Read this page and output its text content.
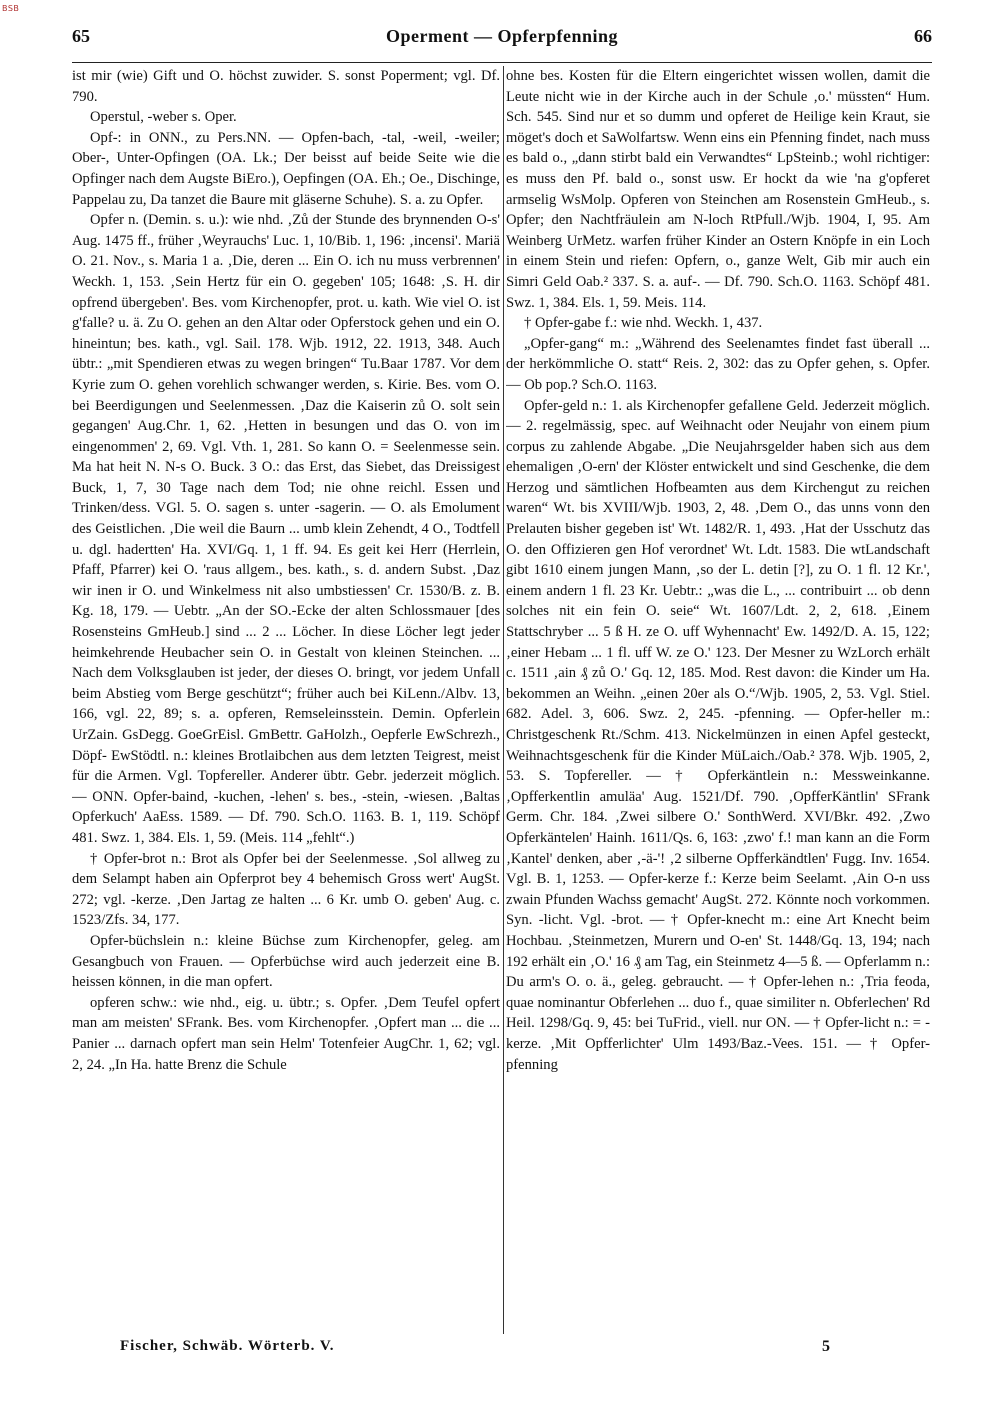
BSB
65	Operment — Opferpfenning	66

ist mir (wie) Gift und O. höchst zuwider. S. sonst Poperment; vgl. Df. 790.

Operstul, -weber s. Oper.

Opf-: in ONN., zu Pers.NN. — Opfen-bach, -tal, -weil, -weiler; Ober-, Unter-Opfingen (OA. Lk.; Der beisst auf beide Seite wie die Opfinger nach dem Augste BiEro.), Oepfingen (OA. Eh.; Oe., Dischinge, Pappelau zu, Da tanzet die Baure mit gläserne Schuhe). S. a. zu Opfer.

Opfer n. (Demin. s. u.): wie nhd. ‚Zů der Stunde des brynnenden O-s' Aug. 1475 ff., früher ‚Weyrauchs' Luc. 1, 10/Bib. 1, 196: ‚incensi'. Mariä O. 21. Nov., s. Maria 1 a. ‚Die, deren ... Ein O. ich nu muss verbrennen' Weckh. 1, 153. ‚Sein Hertz für ein O. gegeben' 105; 1648: ‚S. H. dir opfrend übergeben'. Bes. vom Kirchenopfer, prot. u. kath. Wie viel O. ist g'falle? u. ä. Zu O. gehen an den Altar oder Opferstock gehen und ein O. hineintun; bes. kath., vgl. Sail. 178. Wjb. 1912, 22. 1913, 348. Auch übtr.: „mit Spendieren etwas zu wegen bringen“ Tu.Baar 1787. Vor dem Kyrie zum O. gehen vorehlich schwanger werden, s. Kirie. Bes. vom O. bei Beerdigungen und Seelenmessen. ‚Daz die Kaiserin zů O. solt sein gegangen' Aug.Chr. 1, 62. ‚Hetten in besungen und das O. von im eingenommen' 2, 69. Vgl. Vth. 1, 281. So kann O. = Seelenmesse sein. Ma hat heit N. N-s O. Buck. 3 O.: das Erst, das Siebet, das Dreissigest Buck, 1, 7, 30 Tage nach dem Tod; nie ohne reichl. Essen und Trinken/dess. VGl. 5. O. sagen s. unter -sagerin. — O. als Emolument des Geistlichen. ‚Die weil die Baurn ... umb klein Zehendt, 4 O., Todtfell u. dgl. hadertten' Ha. XVI/Gq. 1, 1 ff. 94. Es geit kei Herr (Herrlein, Pfaff, Pfarrer) kei O. 'raus allgem., bes. kath., s. d. andern Subst. ‚Daz wir inen ir O. und Winkelmess nit also umbstiessen' Cr. 1530/B. z. B. Kg. 18, 179. — Uebtr. „An der SO.-Ecke der alten Schlossmauer [des Rosensteins GmHeub.] sind ... 2 ... Löcher. In diese Löcher legt jeder heimkehrende Heubacher sein O. in Gestalt von kleinen Steinchen. ... Nach dem Volksglauben ist jeder, der dieses O. bringt, vor jedem Unfall beim Abstieg vom Berge geschützt“; früher auch bei KiLenn./Albv. 13, 166, vgl. 22, 89; s. a. opferen, Remseleinsstein. Demin. Opferlein UrZain. GsDegg. GoeGrEisl. GmBettr. GaHolzh., Oepferle EwSchrezh., Döpf- EwStödtl. n.: kleines Brotlaibchen aus dem letzten Teigrest, meist für die Armen. Vgl. Topfereller. Anderer übtr. Gebr. jederzeit möglich. — ONN. Opfer-baind, -kuchen, -lehen' s. bes., -stein, -wiesen. ‚Baltas Opferkuch' AaEss. 1589. — Df. 790. Sch.O. 1163. B. 1, 119. Schöpf 481. Swz. 1, 384. Els. 1, 59. (Meis. 114 „fehlt“.)

† Opfer-brot n.: Brot als Opfer bei der Seelenmesse. ‚Sol allweg zu dem Selampt haben ain Opferprot bey 4 behemisch Gross wert' AugSt. 272; vgl. -kerze. ‚Den Jartag ze halten ... 6 Kr. umb O. geben' Aug. c. 1523/Zfs. 34, 177.

Opfer-büchslein n.: kleine Büchse zum Kirchenopfer, geleg. am Gesangbuch von Frauen. — Opferbüchse wird auch jederzeit eine B. heissen können, in die man opfert.

opferen schw.: wie nhd., eig. u. übtr.; s. Opfer. ‚Dem Teufel opfert man am meisten' SFrank. Bes. vom Kirchenopfer. ‚Opfert man ... die ... Panier ... darnach opfert man sein Helm' Totenfeier AugChr. 1, 62; vgl. 2, 24. „In Ha. hatte Brenz die Schule

ohne bes. Kosten für die Eltern eingerichtet wissen wollen, damit die Leute nicht wie in der Kirche auch in der Schule ‚o.' müssten“ Hum. Sch. 545. Sind nur et so dumm und opferet de Heilige kein Kraut, sie möget's doch et SaWolfartsw. Wenn eins ein Pfenning findet, nach muss es bald o., „dann stirbt bald ein Verwandtes“ LpSteinb.; wohl richtiger: es muss den Pf. bald o., sonst usw. Er hockt da wie 'na g'opferet armselig WsMolp. Opferen von Steinchen am Rosenstein GmHeub., s. Opfer; den Nachtfräulein am N-loch RtPfull./Wjb. 1904, I, 95. Am Weinberg UrMetz. warfen früher Kinder an Ostern Knöpfe in ein Loch in einem Stein und riefen: Opfern, o., ganze Welt, Gib mir auch ein Simri Geld Oab.² 337. S. a. auf-. — Df. 790. Sch.O. 1163. Schöpf 481. Swz. 1, 384. Els. 1, 59. Meis. 114.

† Opfer-gabe f.: wie nhd. Weckh. 1, 437.

„Opfer-gang“ m.: „Während des Seelenamtes findet fast überall ... der herkömmliche O. statt“ Reis. 2, 302: das zu Opfer gehen, s. Opfer. — Ob pop.? Sch.O. 1163.

Opfer-geld n.: 1. als Kirchenopfer gefallene Geld. Jederzeit möglich. — 2. regelmässig, spec. auf Weihnacht oder Neujahr von einem pium corpus zu zahlende Abgabe. „Die Neujahrsgelder haben sich aus dem ehemaligen ‚O-ern' der Klöster entwickelt und sind Geschenke, die dem Herzog und sämtlichen Hofbeamten aus dem Kirchengut zu reichen waren“ Wt. bis XVIII/Wjb. 1903, 2, 48. ‚Dem O., das unns vonn den Prelauten bisher gegeben ist' Wt. 1482/R. 1, 493. ‚Hat der Usschutz das O. den Offizieren gen Hof verordnet' Wt. Ldt. 1583. Die wtLandschaft gibt 1610 einem jungen Mann, ‚so der L. detin [?], zu O. 1 fl. 12 Kr.', einem andern 1 fl. 23 Kr. Uebtr.: „was die L., ... contribuirt ... ob denn solches nit ein fein O. seie“ Wt. 1607/Ldt. 2, 2, 618. ‚Einem Stattschryber ... 5 ß H. ze O. uff Wyhennacht' Ew. 1492/D. A. 15, 122; ‚einer Hebam ... 1 fl. uff W. ze O.' 123. Der Mesner zu WzLorch erhält c. 1511 ‚ain ₰ zů O.' Gq. 12, 185. Mod. Rest davon: die Kinder um Ha. bekommen an Weihn. „einen 20er als O.“/Wjb. 1905, 2, 53. Vgl. Stiel. 682. Adel. 3, 606. Swz. 2, 245. -pfenning. — Opfer-heller m.: Christgeschenk Rt./Schm. 413. Nickelmünzen in einen Apfel gesteckt, Weihnachtsgeschenk für die Kinder MüLaich./Oab.² 378. Wjb. 1905, 2, 53. S. Topfereller. — † Opferkäntlein n.: Messweinkanne. ‚Opfferkentlin amuläa' Aug. 1521/Df. 790. ‚OpfferKäntlin' SFrank Germ. Chr. 184. ‚Zwei silbere O.' SonthWerd. XVI/Bkr. 492. ‚Zwo Opferkäntelen' Hainh. 1611/Qs. 6, 163: ‚zwo' f.! man kann an die Form ‚Kantel' denken, aber ‚-ä-'! ‚2 silberne Opfferkändtlen' Fugg. Inv. 1654. Vgl. B. 1, 1253. — Opfer-kerze f.: Kerze beim Seelamt. ‚Ain O-n uss zwain Pfunden Wachss gemacht' AugSt. 272. Könnte noch vorkommen. Syn. -licht. Vgl. -brot. — † Opfer-knecht m.: eine Art Knecht beim Hochbau. ‚Steinmetzen, Murern und O-en' St. 1448/Gq. 13, 194; nach 192 erhält ein ‚O.' 16 ₰ am Tag, ein Steinmetz 4—5 ß. — Opferlamm n.: Du arm's O. o. ä., geleg. gebraucht. — † Opfer-lehen n.: ‚Tria feoda, quae nominantur Obferlehen ... duo f., quae similiter n. Obferlechen' Rd Heil. 1298/Gq. 9, 45: bei TuFrid., viell. nur ON. — † Opfer-licht n.: = -kerze. ‚Mit Opfferlichter' Ulm 1493/Baz.-Vees. 151. — † Opfer-pfenning

Fischer, Schwäb. Wörterb. V.	5
